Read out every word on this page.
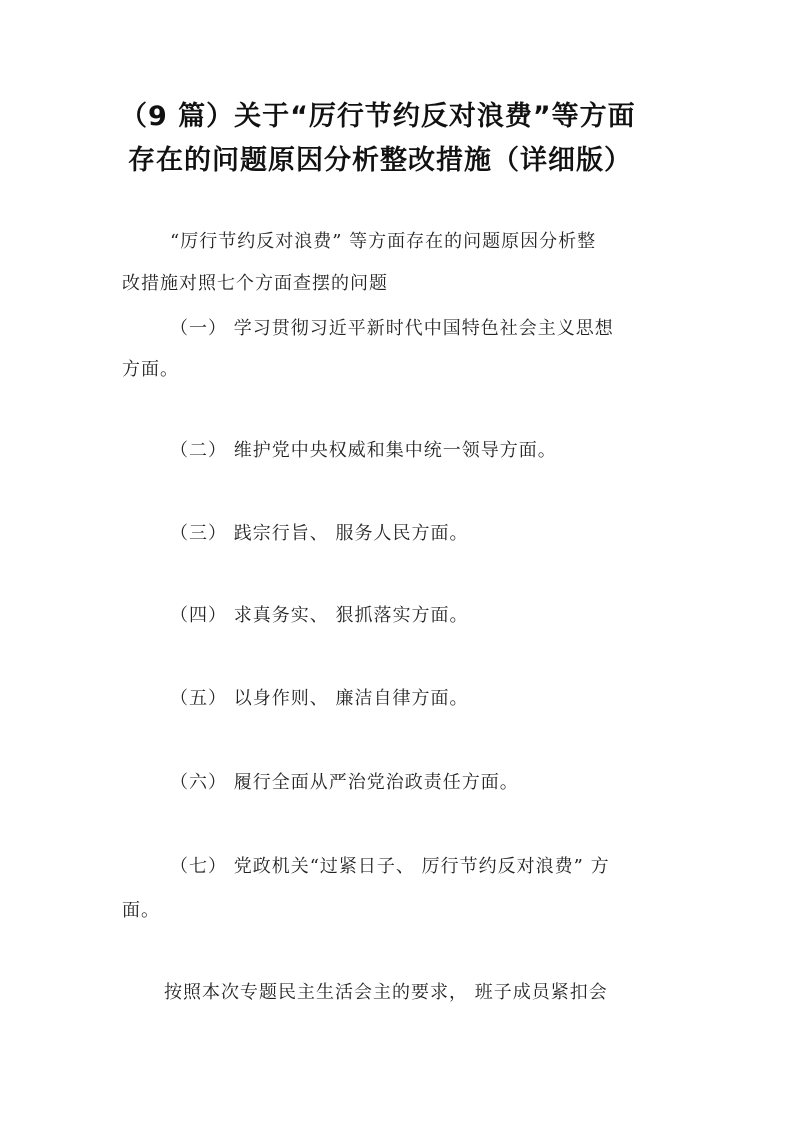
（9 篇）关于“厉行节约反对浪费”等方面
存在的问题原因分析整改措施（详细版）

“厉行节约反对浪费” 等方面存在的问题原因分析整

改措施对照七个方面查摆的问题

（一） 学习贯彻习近平新时代中国特色社会主义思想

方面。

（二） 维护党中央权威和集中统一领导方面。

（三） 践宗行旨、 服务人民方面。

（四） 求真务实、 狠抓落实方面。

（五） 以身作则、 廉洁自律方面。

（六） 履行全面从严治党治政责任方面。

（七） 党政机关“过紧日子、 厉行节约反对浪费” 方

面。

按照本次专题民主生活会主的要求， 班子成员紧扣会
